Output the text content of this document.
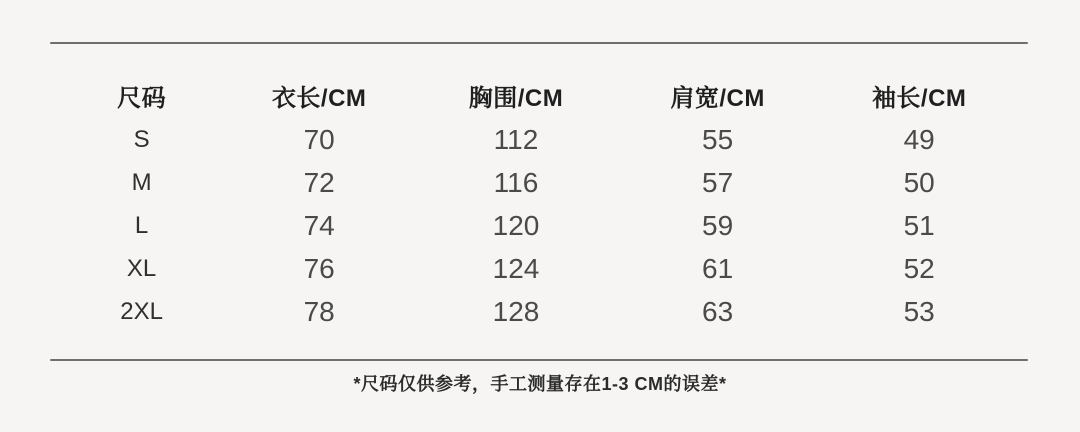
尺码	衣长/CM	胸围/CM	肩宽/CM	袖长/CM
S	70	112	55	49
M	72	116	57	50
L	74	120	59	51
XL	76	124	61	52
2XL	78	128	63	53
*尺码仅供参考，手工测量存在1-3 CM的误差*
